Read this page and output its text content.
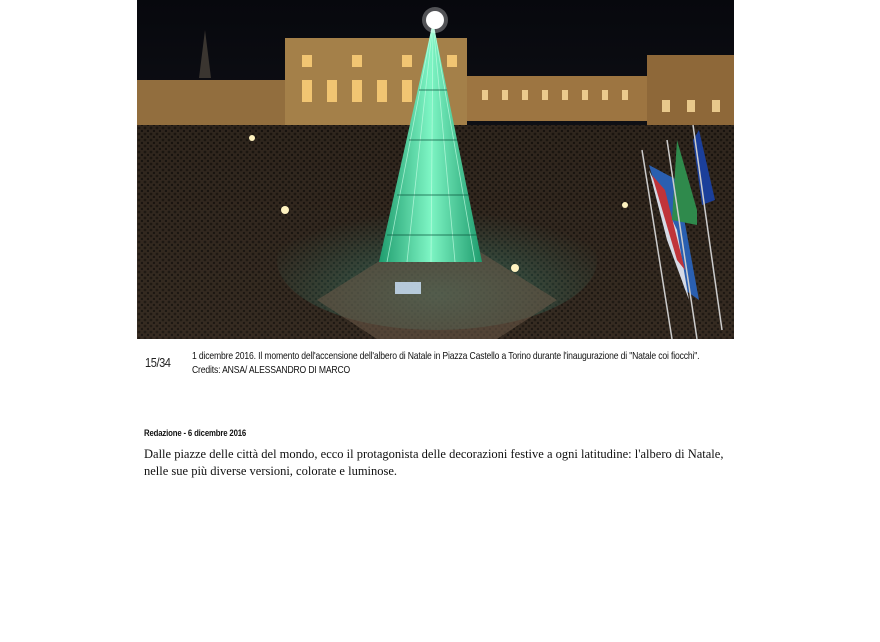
15/34 1 dicembre 2016. Il momento dell'accensione dell'albero di Natale in Piazza Castello a Torino durante l'inaugurazione di "Natale coi fiocchi".
Credits: ANSA/ ALESSANDRO DI MARCO
Redazione - 6 dicembre 2016
Dalle piazze delle città del mondo, ecco il protagonista delle decorazioni festive a ogni latitudine: l'albero di Natale, nelle sue più diverse versioni, colorate e luminose.
